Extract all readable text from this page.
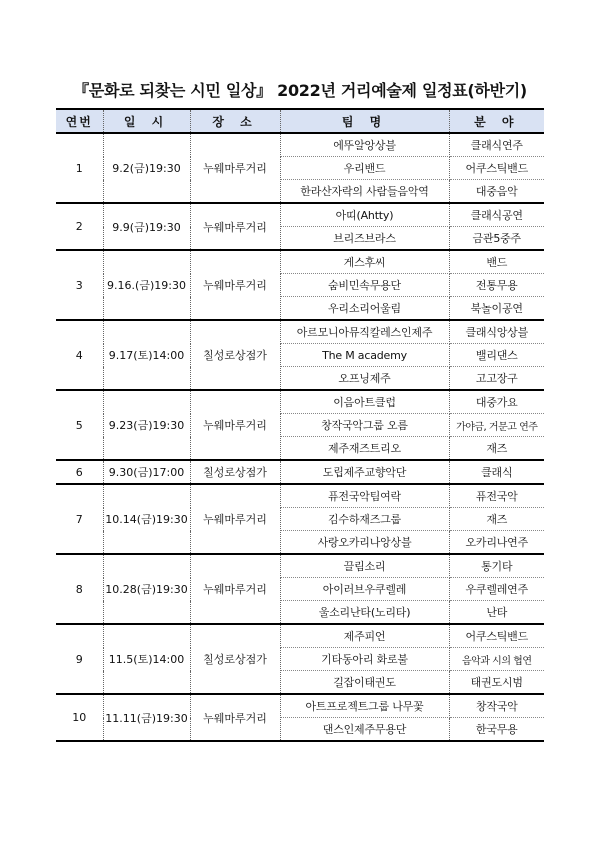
『문화로 되찾는 시민 일상』 2022년 거리예술제 일정표(하반기)
연번	일 시	장 소	팀 명	분 야
1	9.2(금)19:30	누웨마루거리	에뚜알앙상블	클래식연주
			우리밴드	어쿠스틱밴드
			한라산자락의 사람들음악역	대중음악
2	9.9(금)19:30	누웨마루거리	아띠(Ahtty)	클래식공연
			브리즈브라스	금관5중주
3	9.16.(금)19:30	누웨마루거리	게스후씨	밴드
			숨비민속무용단	전통무용
			우리소리어울림	북놀이공연
4	9.17(토)14:00	칠성로상점가	아르모니아뮤직칼레스인제주	클래식앙상블
			The M academy	밸리댄스
			오프닝제주	고고장구
5	9.23(금)19:30	누웨마루거리	이음아트클럽	대중가요
			창작국악그룹 오름	가야금, 거문고 연주
			제주재즈트리오	재즈
6	9.30(금)17:00	칠성로상점가	도립제주교향악단	클래식
7	10.14(금)19:30	누웨마루거리	퓨전국악팀여락	퓨전국악
			김수하재즈그룹	재즈
			사랑오카리나앙상블	오카리나연주
8	10.28(금)19:30	누웨마루거리	끌림소리	통기타
			아이러브우쿠렐레	우쿠렐레연주
			울소리난타(노리타)	난타
9	11.5(토)14:00	칠성로상점가	제주피언	어쿠스틱밴드
			기타동아리 화로불	음악과 시의 협연
			길잡이태권도	태권도시범
10	11.11(금)19:30	누웨마루거리	아트프로젝트그룹 나무꽃	창작국악
			댄스인제주무용단	한국무용
